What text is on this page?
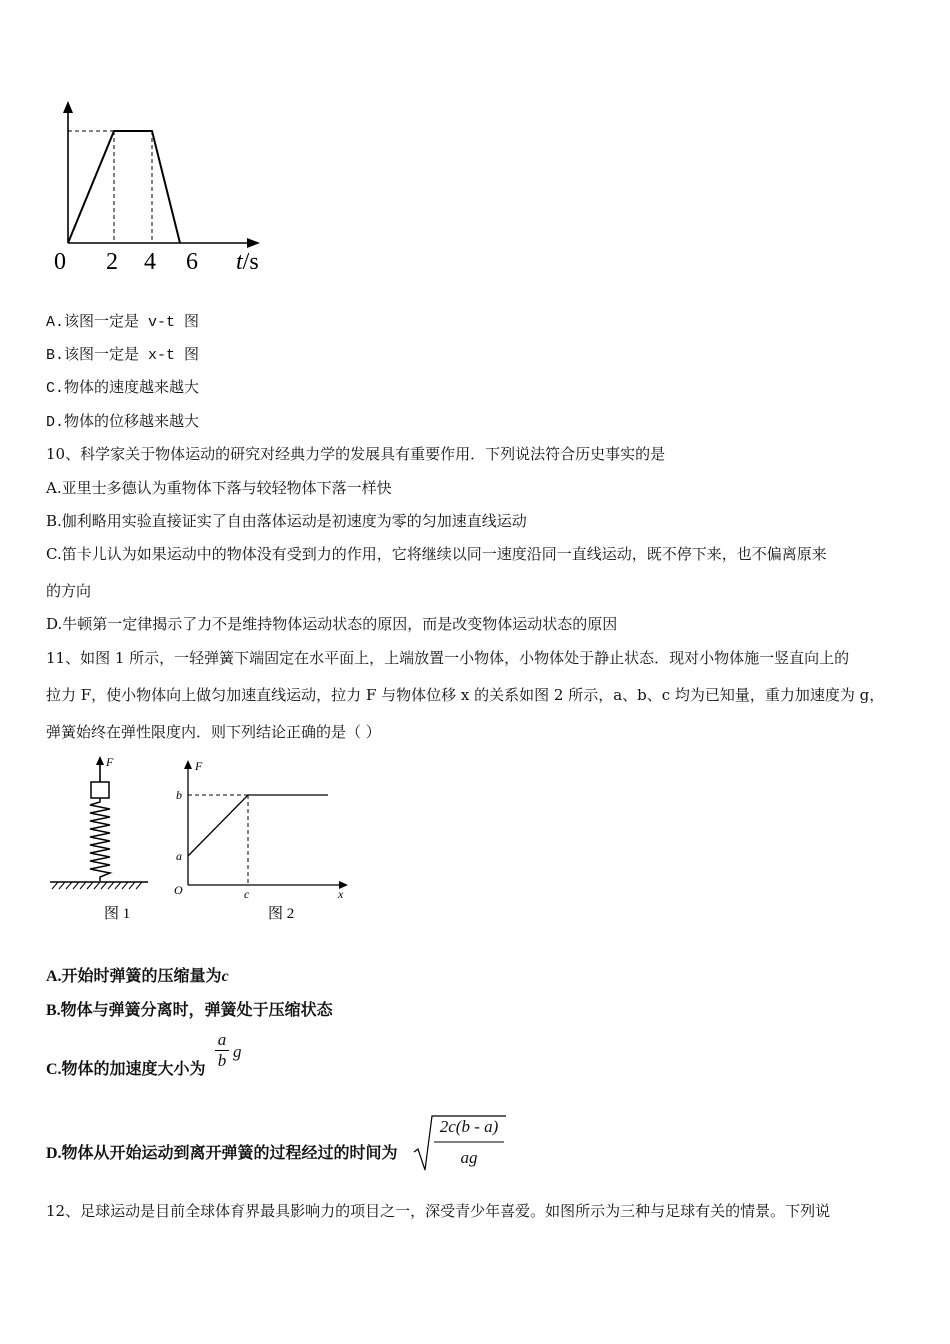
0 2 4 6 t/s
A.该图一定是 v-t 图
B.该图一定是 x-t 图
C.物体的速度越来越大
D.物体的位移越来越大
10、科学家关于物体运动的研究对经典力学的发展具有重要作用．下列说法符合历史事实的是
A.亚里士多德认为重物体下落与较轻物体下落一样快
B.伽利略用实验直接证实了自由落体运动是初速度为零的匀加速直线运动
C.笛卡儿认为如果运动中的物体没有受到力的作用，它将继续以同一速度沿同一直线运动，既不停下来，也不偏离原来
的方向
D.牛顿第一定律揭示了力不是维持物体运动状态的原因，而是改变物体运动状态的原因
11、如图 1 所示，一轻弹簧下端固定在水平面上，上端放置一小物体，小物体处于静止状态．现对小物体施一竖直向上的
拉力 F，使小物体向上做匀加速直线运动，拉力 F 与物体位移 x 的关系如图 2 所示，a、b、c 均为已知量，重力加速度为 g，
弹簧始终在弹性限度内．则下列结论正确的是（ ）
F
图 1
F
x
O
a
b
c
图 2
A.开始时弹簧的压缩量为c
B.物体与弹簧分离时，弹簧处于压缩状态
C.物体的加速度大小为
a
b g
D.物体从开始运动到离开弹簧的过程经过的时间为
2c(b - a)
ag
12、足球运动是目前全球体育界最具影响力的项目之一，深受青少年喜爱。如图所示为三种与足球有关的情景。下列说
